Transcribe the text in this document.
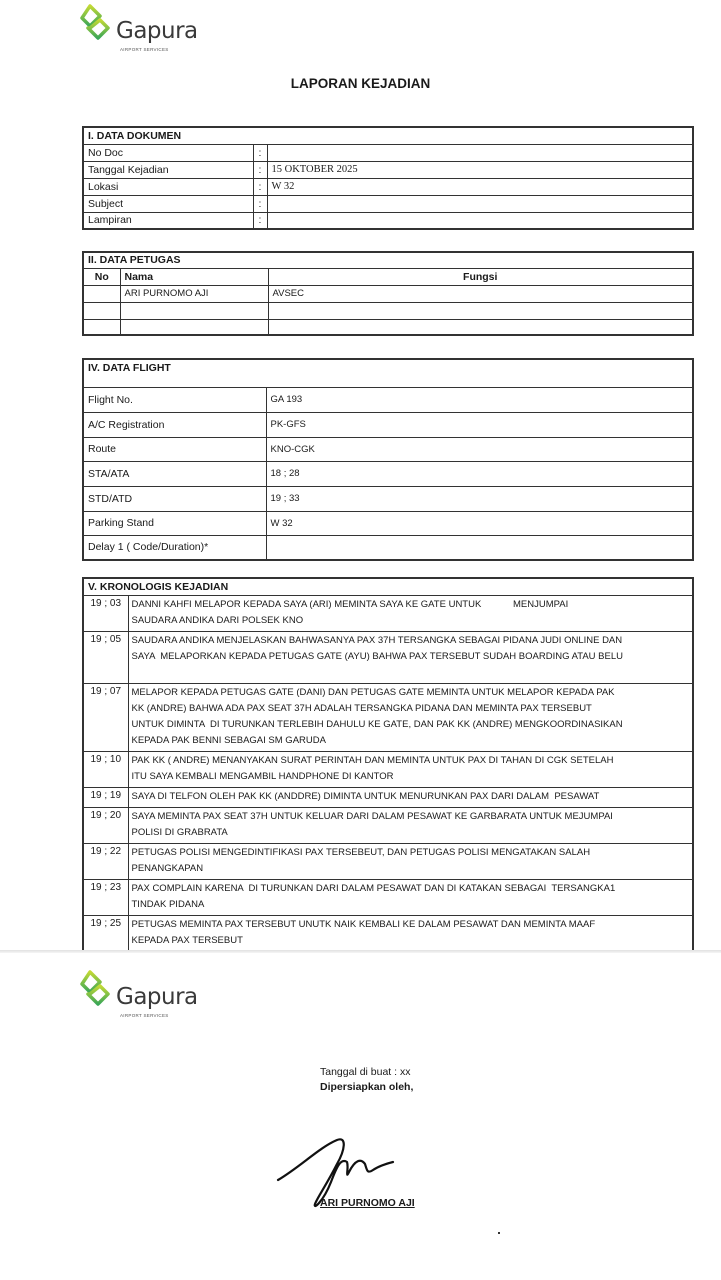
Gapura
AIRPORT SERVICES
LAPORAN KEJADIAN
I. DATA DOKUMEN		
No Doc	:	
Tanggal Kejadian	:	15 OKTOBER 2025
Lokasi	:	W 32
Subject	:	
Lampiran	:	
II. DATA PETUGAS		
No	Nama	Fungsi
	ARI PURNOMO AJI	AVSEC

IV. DATA FLIGHT	
Flight No.	GA 193
A/C Registration	PK-GFS
Route	KNO-CGK
STA/ATA	18 ; 28
STD/ATD	19 ; 33
Parking Stand	W 32
Delay 1 ( Code/Duration)*	
V. KRONOLOGIS KEJADIAN	
19 ; 03	DANNI KAHFI MELAPOR KEPADA SAYA (ARI) MEMINTA SAYA KE GATE UNTUK            MENJUMPAI
SAUDARA ANDIKA DARI POLSEK KNO

19 ; 05	SAUDARA ANDIKA MENJELASKAN BAHWASANYA PAX 37H TERSANGKA SEBAGAI PIDANA JUDI ONLINE DAN
SAYA  MELAPORKAN KEPADA PETUGAS GATE (AYU) BAHWA PAX TERSEBUT SUDAH BOARDING ATAU BELU

19 ; 07	MELAPOR KEPADA PETUGAS GATE (DANI) DAN PETUGAS GATE MEMINTA UNTUK MELAPOR KEPADA PAK
KK (ANDRE) BAHWA ADA PAX SEAT 37H ADALAH TERSANGKA PIDANA DAN MEMINTA PAX TERSEBUT
UNTUK DIMINTA  DI TURUNKAN TERLEBIH DAHULU KE GATE, DAN PAK KK (ANDRE) MENGKOORDINASIKAN
KEPADA PAK BENNI SEBAGAI SM GARUDA

19 ; 10	PAK KK ( ANDRE) MENANYAKAN SURAT PERINTAH DAN MEMINTA UNTUK PAX DI TAHAN DI CGK SETELAH
ITU SAYA KEMBALI MENGAMBIL HANDPHONE DI KANTOR

19 ; 19	SAYA DI TELFON OLEH PAK KK (ANDDRE) DIMINTA UNTUK MENURUNKAN PAX DARI DALAM  PESAWAT

19 ; 20	SAYA MEMINTA PAX SEAT 37H UNTUK KELUAR DARI DALAM PESAWAT KE GARBARATA UNTUK MEJUMPAI
POLISI DI GRABRATA

19 ; 22	PETUGAS POLISI MENGEDINTIFIKASI PAX TERSEBEUT, DAN PETUGAS POLISI MENGATAKAN SALAH
PENANGKAPAN

19 ; 23	PAX COMPLAIN KARENA  DI TURUNKAN DARI DALAM PESAWAT DAN DI KATAKAN SEBAGAI  TERSANGKA1
TINDAK PIDANA

19 ; 25	PETUGAS MEMINTA PAX TERSEBUT UNUTK NAIK KEMBALI KE DALAM PESAWAT DAN MEMINTA MAAF
KEPADA PAX TERSEBUT
Gapura
AIRPORT SERVICES
Tanggal di buat : xx
Dipersiapkan oleh,
ARI PURNOMO AJI
